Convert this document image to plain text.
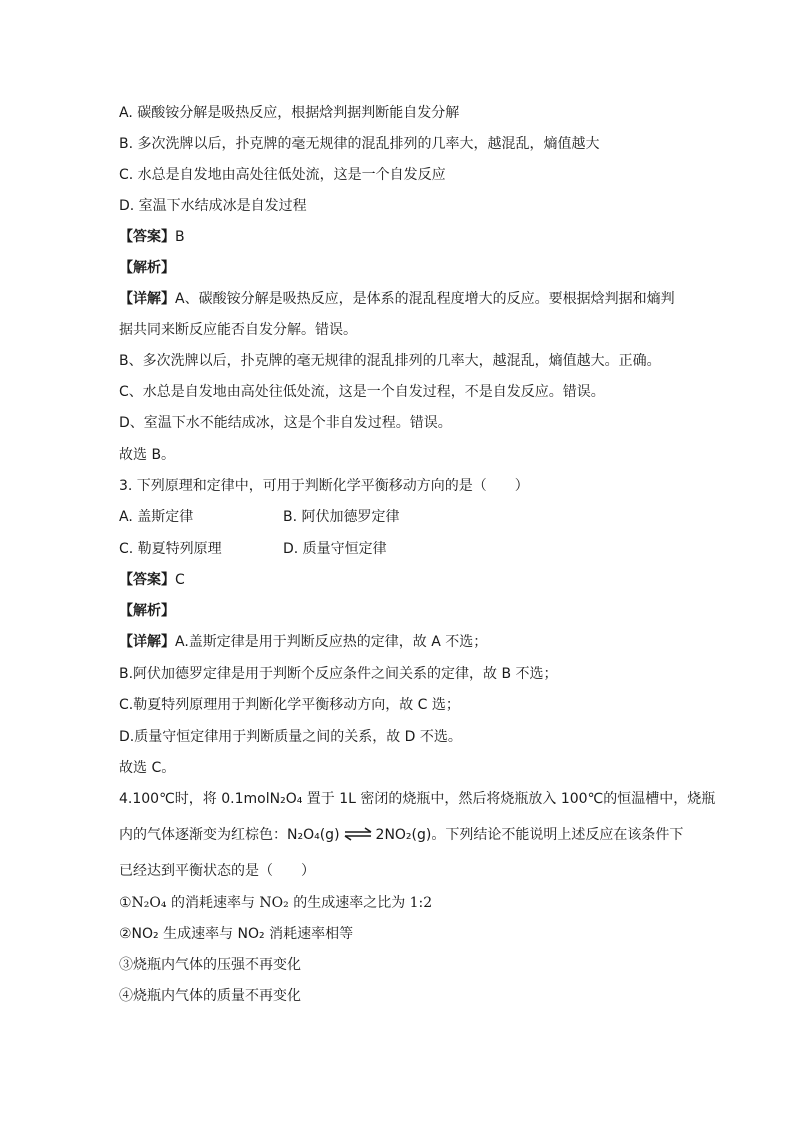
A. 碳酸铵分解是吸热反应，根据焓判据判断能自发分解
B. 多次洗牌以后，扑克牌的毫无规律的混乱排列的几率大，越混乱，熵值越大
C. 水总是自发地由高处往低处流，这是一个自发反应
D. 室温下水结成冰是自发过程
【答案】B
【解析】
【详解】A、碳酸铵分解是吸热反应，是体系的混乱程度增大的反应。要根据焓判据和熵判
据共同来断反应能否自发分解。错误。
B、多次洗牌以后，扑克牌的毫无规律的混乱排列的几率大，越混乱，熵值越大。正确。
C、水总是自发地由高处往低处流，这是一个自发过程，不是自发反应。错误。
D、室温下水不能结成冰，这是个非自发过程。错误。
故选 B。
3. 下列原理和定律中，可用于判断化学平衡移动方向的是（　　）
A. 盖斯定律	B. 阿伏加德罗定律
C. 勒夏特列原理	D. 质量守恒定律
【答案】C
【解析】
【详解】A.盖斯定律是用于判断反应热的定律，故 A 不选；
B.阿伏加德罗定律是用于判断个反应条件之间关系的定律，故 B 不选；
C.勒夏特列原理用于判断化学平衡移动方向，故 C 选；
D.质量守恒定律用于判断质量之间的关系，故 D 不选。
故选 C。
4.100℃时，将 0.1molN₂O₄ 置于 1L 密闭的烧瓶中，然后将烧瓶放入 100℃的恒温槽中，烧瓶
内的气体逐渐变为红棕色：N₂O₄(g) ⇌ 2NO₂(g)。下列结论不能说明上述反应在该条件下
已经达到平衡状态的是（　　）
①N₂O₄ 的消耗速率与 NO₂ 的生成速率之比为 1:2
②NO₂ 生成速率与 NO₂ 消耗速率相等
③烧瓶内气体的压强不再变化
④烧瓶内气体的质量不再变化
